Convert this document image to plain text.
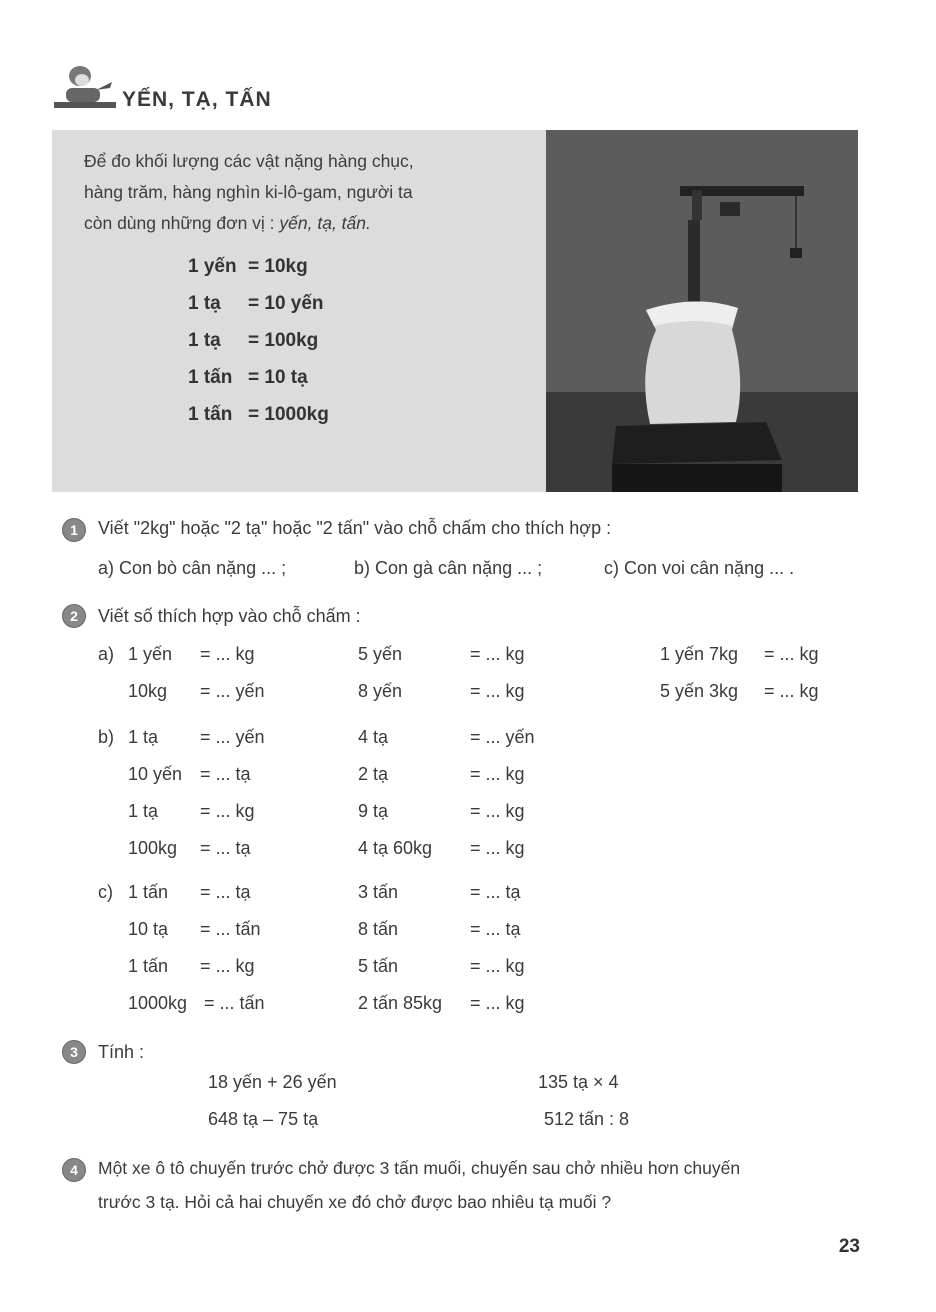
YẾN, TẠ, TẤN
Để đo khối lượng các vật nặng hàng chục,
hàng trăm, hàng nghìn ki-lô-gam, người ta
còn dùng những đơn vị : yến, tạ, tấn.
1 yến = 10kg
1 tạ = 10 yến
1 tạ = 100kg
1 tấn = 10 tạ
1 tấn = 1000kg
1	Viết "2kg" hoặc "2 tạ" hoặc "2 tấn" vào chỗ chấm cho thích hợp :
a) Con bò cân nặng ... ;	b) Con gà cân nặng ... ;	c) Con voi cân nặng ... .
2	Viết số thích hợp vào chỗ chấm :
a) 1 yến = ... kg	5 yến	= ... kg	1 yến 7kg = ... kg
10kg = ... yến	8 yến	= ... kg	5 yến 3kg = ... kg
b) 1 tạ = ... yến	4 tạ	= ... yến
10 yến = ... tạ	2 tạ	= ... kg
1 tạ = ... kg	9 tạ	= ... kg
100kg = ... tạ	4 tạ 60kg = ... kg
c) 1 tấn = ... tạ	3 tấn	= ... tạ
10 tạ = ... tấn	8 tấn	= ... tạ
1 tấn = ... kg	5 tấn	= ... kg
1000kg = ... tấn	2 tấn 85kg = ... kg
3	Tính :
18 yến + 26 yến	135 tạ × 4
648 tạ – 75 tạ	512 tấn : 8
4	Một xe ô tô chuyến trước chở được 3 tấn muối, chuyến sau chở nhiều hơn chuyến
trước 3 tạ. Hỏi cả hai chuyến xe đó chở được bao nhiêu tạ muối ?
23
